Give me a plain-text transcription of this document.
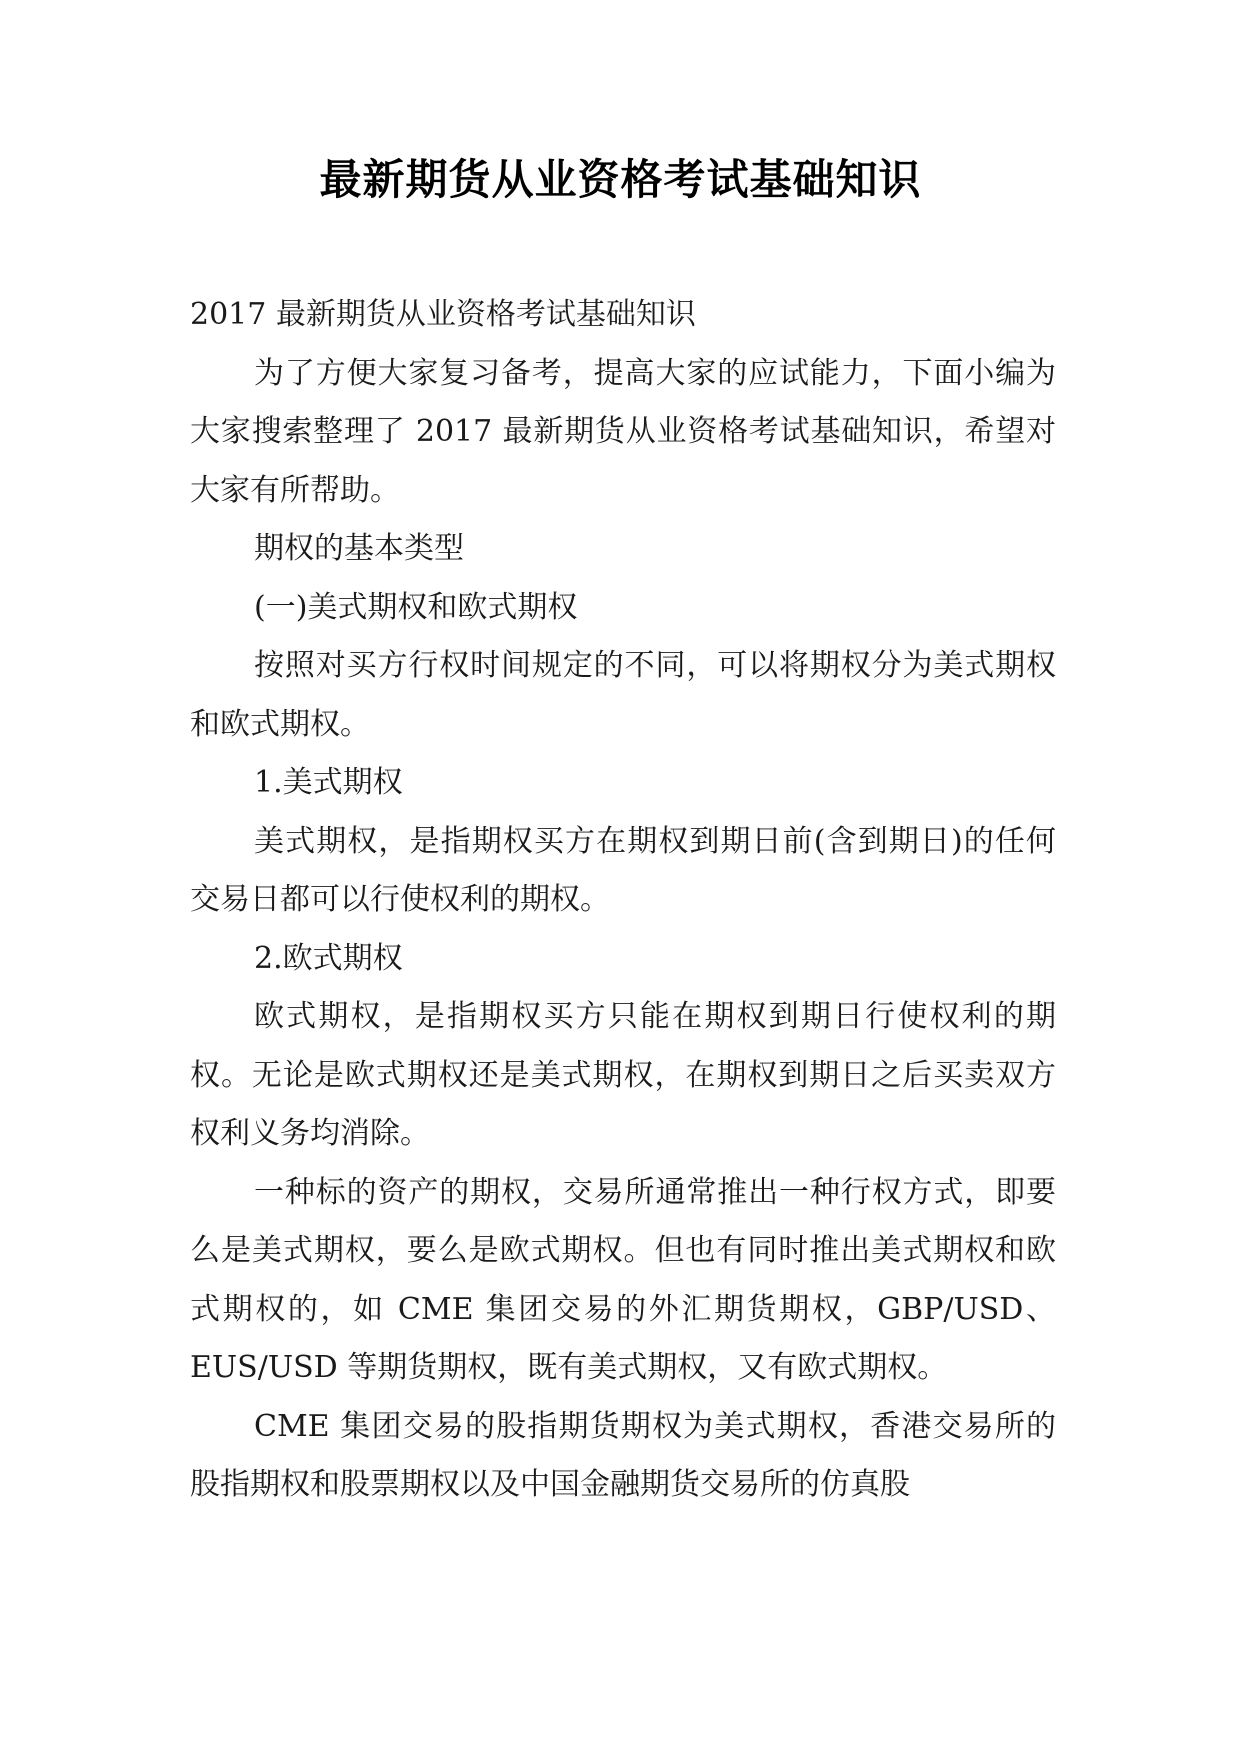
最新期货从业资格考试基础知识

2017 最新期货从业资格考试基础知识

为了方便大家复习备考，提高大家的应试能力，下面小编为大家搜索整理了 2017 最新期货从业资格考试基础知识，希望对大家有所帮助。

期权的基本类型

(一)美式期权和欧式期权

按照对买方行权时间规定的不同，可以将期权分为美式期权和欧式期权。

1.美式期权

美式期权，是指期权买方在期权到期日前(含到期日)的任何交易日都可以行使权利的期权。

2.欧式期权

欧式期权，是指期权买方只能在期权到期日行使权利的期权。无论是欧式期权还是美式期权，在期权到期日之后买卖双方权利义务均消除。

一种标的资产的期权，交易所通常推出一种行权方式，即要么是美式期权，要么是欧式期权。但也有同时推出美式期权和欧式期权的，如 CME 集团交易的外汇期货期权，GBP/USD、EUS/USD 等期货期权，既有美式期权，又有欧式期权。

CME 集团交易的股指期货期权为美式期权，香港交易所的股指期权和股票期权以及中国金融期货交易所的仿真股
